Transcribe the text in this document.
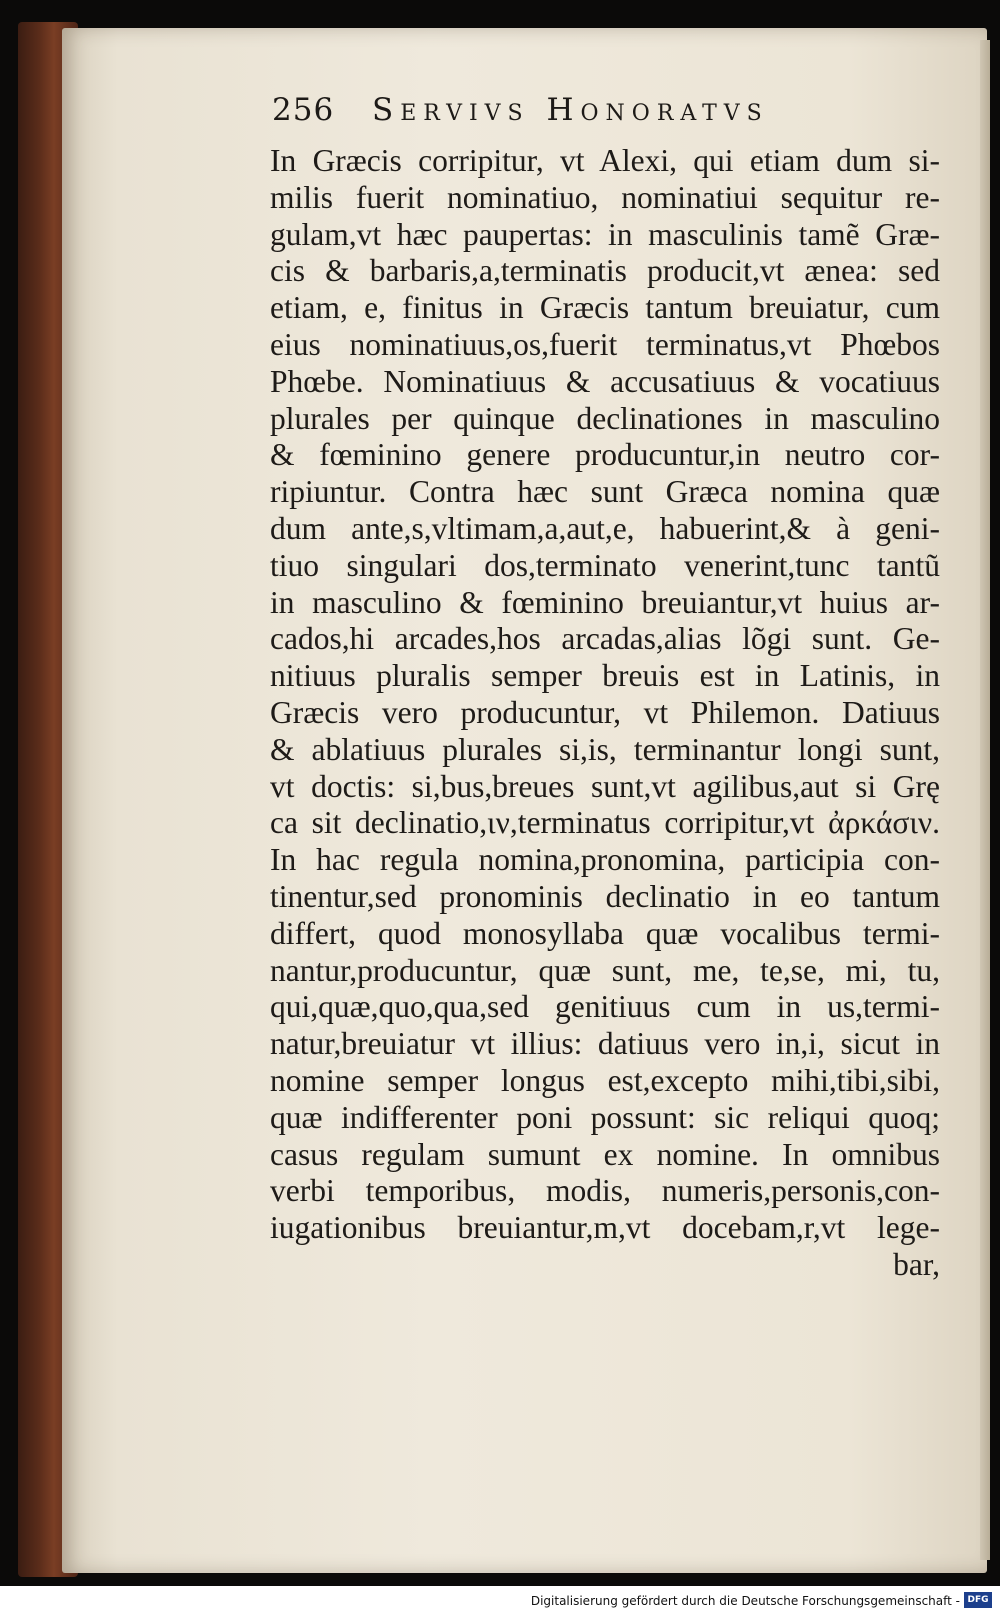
256 Servivs Honoratvs
In Græcis corripitur, vt Alexi, qui etiam dum si-
milis fuerit nominatiuo, nominatiui sequitur re-
gulam,vt hæc paupertas: in masculinis tamẽ Græ-
cis & barbaris,a,terminatis producit,vt ænea: sed
etiam, e, finitus in Græcis tantum breuiatur, cum
eius nominatiuus,os,fuerit terminatus,vt Phœbos
Phœbe. Nominatiuus & accusatiuus & vocatiuus
plurales per quinque declinationes in masculino
& fœminino genere producuntur,in neutro cor-
ripiuntur. Contra hæc sunt Græca nomina quæ
dum ante,s,vltimam,a,aut,e, habuerint,& à geni-
tiuo singulari dos,terminato venerint,tunc tantũ
in masculino & fœminino breuiantur,vt huius ar-
cados,hi arcades,hos arcadas,alias lõgi sunt. Ge-
nitiuus pluralis semper breuis est in Latinis, in
Græcis vero producuntur, vt Philemon. Datiuus
& ablatiuus plurales si,is, terminantur longi sunt,
vt doctis: si,bus,breues sunt,vt agilibus,aut si Grę
ca sit declinatio,ιν,terminatus corripitur,vt ἀρκάσιν.
In hac regula nomina,pronomina, participia con-
tinentur,sed pronominis declinatio in eo tantum
differt, quod monosyllaba quæ vocalibus termi-
nantur,producuntur, quæ sunt, me, te,se, mi, tu,
qui,quæ,quo,qua,sed genitiuus cum in us,termi-
natur,breuiatur vt illius: datiuus vero in,i, sicut in
nomine semper longus est,excepto mihi,tibi,sibi,
quæ indifferenter poni possunt: sic reliqui quoq;
casus regulam sumunt ex nomine. In omnibus
verbi temporibus, modis, numeris,personis,con-
iugationibus breuiantur,m,vt docebam,r,vt lege-
bar,
Digitalisierung gefördert durch die Deutsche Forschungsgemeinschaft - DFG
